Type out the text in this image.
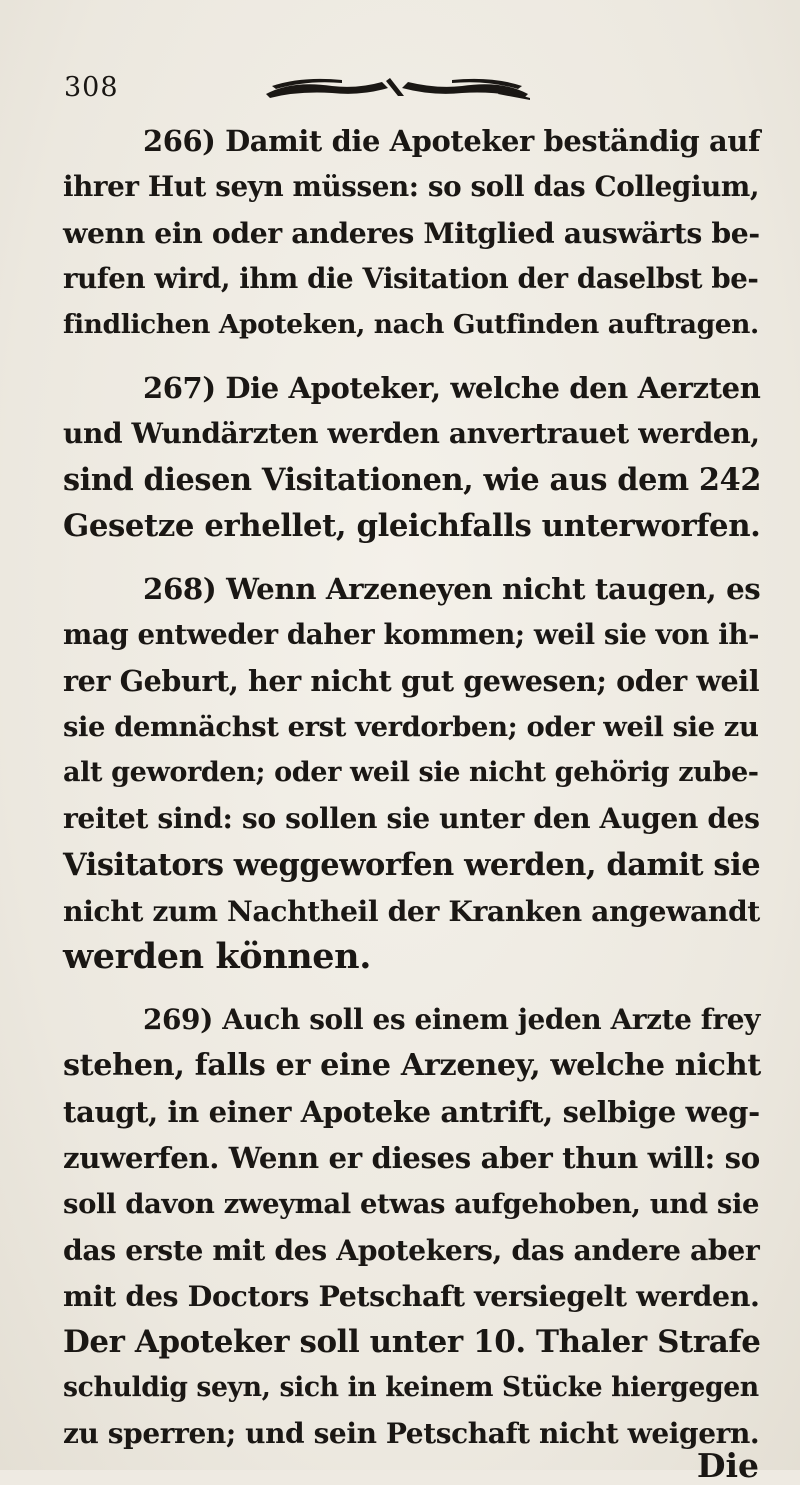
308
266) Damit die Apoteker beständig auf
ihrer Hut seyn müssen: so soll das Collegium,
wenn ein oder anderes Mitglied auswärts be-
rufen wird, ihm die Visitation der daselbst be-
findlichen Apoteken, nach Gutfinden auftragen.
267) Die Apoteker, welche den Aerzten
und Wundärzten werden anvertrauet werden,
sind diesen Visitationen, wie aus dem 242
Gesetze erhellet, gleichfalls unterworfen.
268) Wenn Arzeneyen nicht taugen, es
mag entweder daher kommen; weil sie von ih-
rer Geburt, her nicht gut gewesen; oder weil
sie demnächst erst verdorben; oder weil sie zu
alt geworden; oder weil sie nicht gehörig zube-
reitet sind: so sollen sie unter den Augen des
Visitators weggeworfen werden, damit sie
nicht zum Nachtheil der Kranken angewandt
werden können.
269) Auch soll es einem jeden Arzte frey
stehen, falls er eine Arzeney, welche nicht
taugt, in einer Apoteke antrift, selbige weg-
zuwerfen. Wenn er dieses aber thun will: so
soll davon zweymal etwas aufgehoben, und sie
das erste mit des Apotekers, das andere aber
mit des Doctors Petschaft versiegelt werden.
Der Apoteker soll unter 10. Thaler Strafe
schuldig seyn, sich in keinem Stücke hiergegen
zu sperren; und sein Petschaft nicht weigern.
Die
